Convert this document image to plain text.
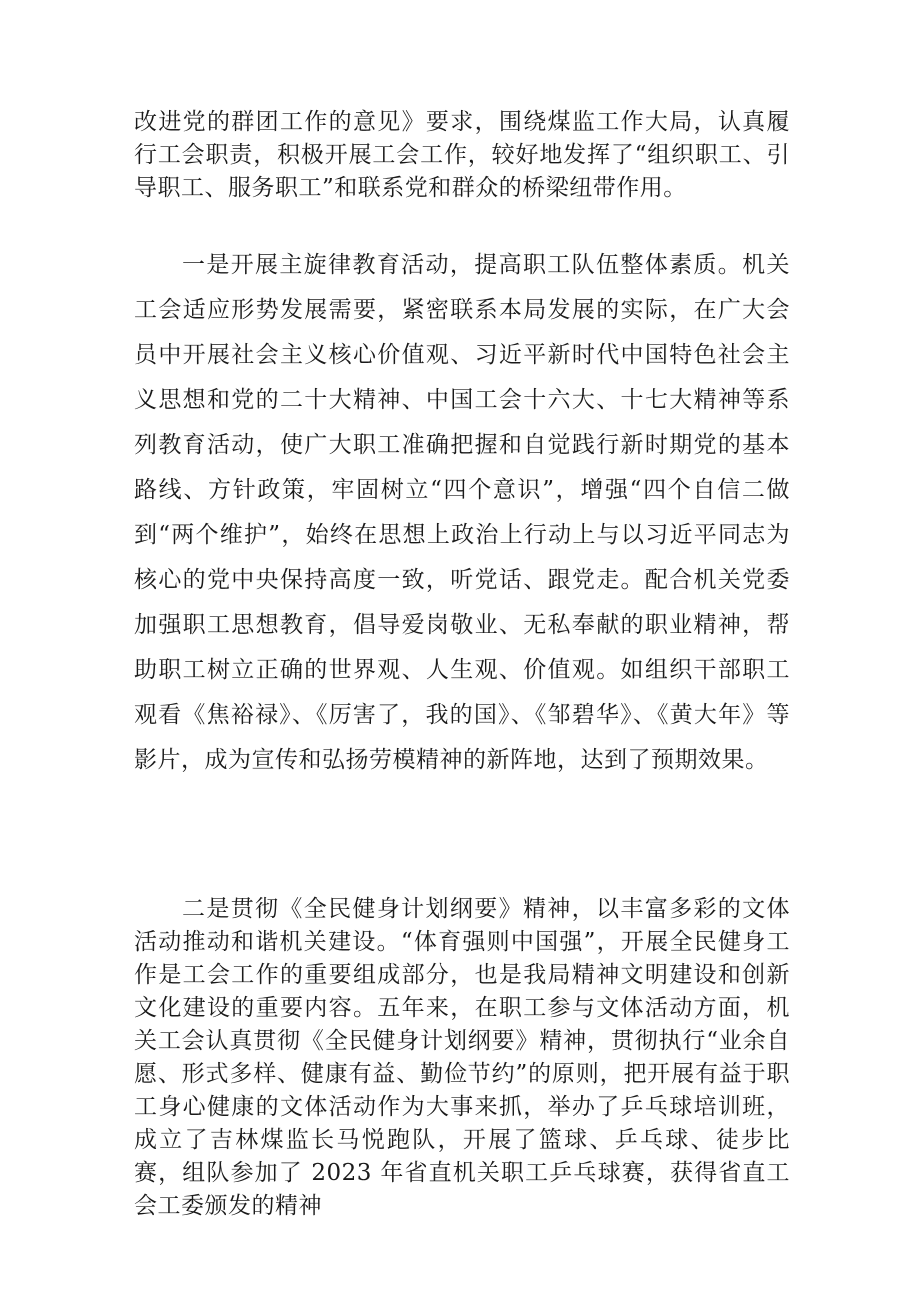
改进党的群团工作的意见》要求，围绕煤监工作大局，认真履行工会职责，积极开展工会工作，较好地发挥了“组织职工、引导职工、服务职工”和联系党和群众的桥梁纽带作用。

一是开展主旋律教育活动，提高职工队伍整体素质。机关工会适应形势发展需要，紧密联系本局发展的实际，在广大会员中开展社会主义核心价值观、习近平新时代中国特色社会主义思想和党的二十大精神、中国工会十六大、十七大精神等系列教育活动，使广大职工准确把握和自觉践行新时期党的基本路线、方针政策，牢固树立“四个意识”，增强“四个自信二做到“两个维护”，始终在思想上政治上行动上与以习近平同志为核心的党中央保持高度一致，听党话、跟党走。配合机关党委加强职工思想教育，倡导爱岗敬业、无私奉献的职业精神，帮助职工树立正确的世界观、人生观、价值观。如组织干部职工观看《焦裕禄》、《厉害了，我的国》、《邹碧华》、《黄大年》等影片，成为宣传和弘扬劳模精神的新阵地，达到了预期效果。

二是贯彻《全民健身计划纲要》精神，以丰富多彩的文体活动推动和谐机关建设。“体育强则中国强”，开展全民健身工作是工会工作的重要组成部分，也是我局精神文明建设和创新文化建设的重要内容。五年来，在职工参与文体活动方面，机关工会认真贯彻《全民健身计划纲要》精神，贯彻执行“业余自愿、形式多样、健康有益、勤俭节约”的原则，把开展有益于职工身心健康的文体活动作为大事来抓，举办了乒乓球培训班，成立了吉林煤监长马悦跑队，开展了篮球、乒乓球、徒步比赛，组队参加了 2023 年省直机关职工乒乓球赛，获得省直工会工委颁发的精神
